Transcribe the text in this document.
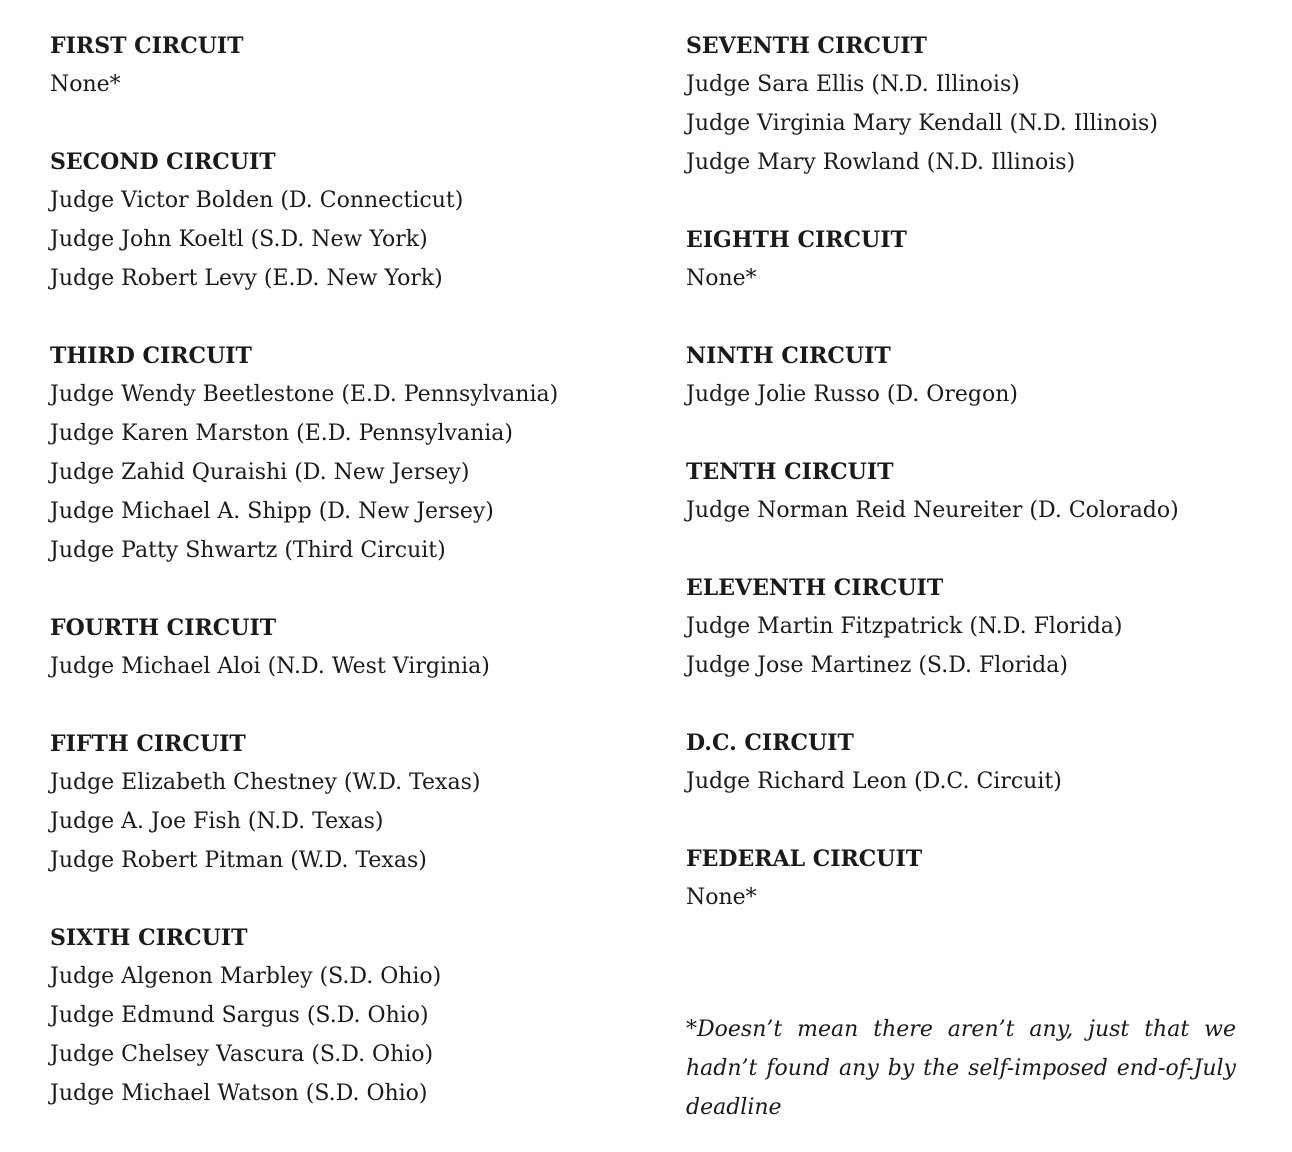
FIRST CIRCUIT
None*
SECOND CIRCUIT
Judge Victor Bolden (D. Connecticut)
Judge John Koeltl (S.D. New York)
Judge Robert Levy (E.D. New York)
THIRD CIRCUIT
Judge Wendy Beetlestone (E.D. Pennsylvania)
Judge Karen Marston (E.D. Pennsylvania)
Judge Zahid Quraishi (D. New Jersey)
Judge Michael A. Shipp (D. New Jersey)
Judge Patty Shwartz (Third Circuit)
FOURTH CIRCUIT
Judge Michael Aloi (N.D. West Virginia)
FIFTH CIRCUIT
Judge Elizabeth Chestney (W.D. Texas)
Judge A. Joe Fish (N.D. Texas)
Judge Robert Pitman (W.D. Texas)
SIXTH CIRCUIT
Judge Algenon Marbley (S.D. Ohio)
Judge Edmund Sargus (S.D. Ohio)
Judge Chelsey Vascura (S.D. Ohio)
Judge Michael Watson (S.D. Ohio)
SEVENTH CIRCUIT
Judge Sara Ellis (N.D. Illinois)
Judge Virginia Mary Kendall (N.D. Illinois)
Judge Mary Rowland (N.D. Illinois)
EIGHTH CIRCUIT
None*
NINTH CIRCUIT
Judge Jolie Russo (D. Oregon)
TENTH CIRCUIT
Judge Norman Reid Neureiter (D. Colorado)
ELEVENTH CIRCUIT
Judge Martin Fitzpatrick (N.D. Florida)
Judge Jose Martinez (S.D. Florida)
D.C. CIRCUIT
Judge Richard Leon (D.C. Circuit)
FEDERAL CIRCUIT
None*
*Doesn’t mean there aren’t any, just that we hadn’t found any by the self-imposed end-of-July deadline
